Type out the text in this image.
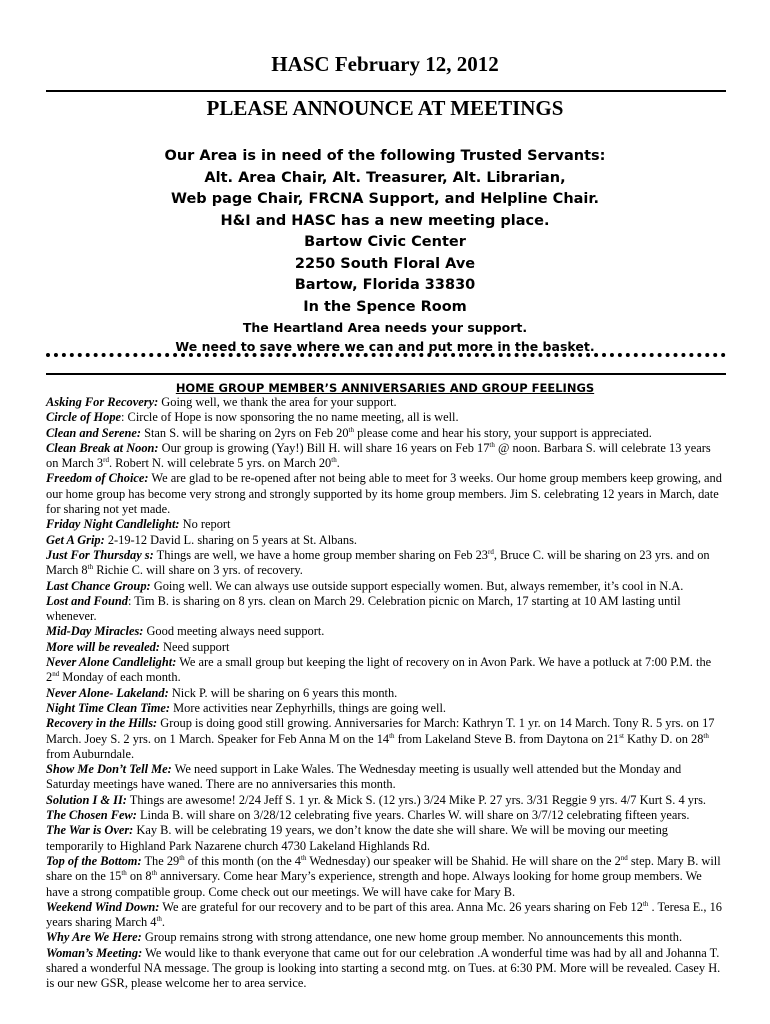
HASC February 12, 2012
PLEASE ANNOUNCE AT MEETINGS
Our Area is in need of the following Trusted Servants:
Alt. Area Chair, Alt. Treasurer, Alt. Librarian,
Web page Chair, FRCNA Support, and Helpline Chair.
H&I and HASC has a new meeting place.
Bartow Civic Center
2250 South Floral Ave
Bartow, Florida 33830
In the Spence Room
The Heartland Area needs your support.
We need to save where we can and put more in the basket.
HOME GROUP MEMBER’S ANNIVERSARIES AND GROUP FEELINGS
Asking For Recovery: Going well, we thank the area for your support.
Circle of Hope: Circle of Hope is now sponsoring the no name meeting, all is well.
Clean and Serene: Stan S. will be sharing on 2yrs on Feb 20th please come and hear his story, your support is appreciated.
Clean Break at Noon: Our group is growing (Yay!) Bill H. will share 16 years on Feb 17th @ noon. Barbara S. will celebrate 13 years on March 3rd. Robert N. will celebrate 5 yrs. on March 20th.
Freedom of Choice: We are glad to be re-opened after not being able to meet for 3 weeks. Our home group members keep growing, and our home group has become very strong and strongly supported by its home group members. Jim S. celebrating 12 years in March, date for sharing not yet made.
Friday Night Candlelight: No report
Get A Grip: 2-19-12 David L. sharing on 5 years at St. Albans.
Just For Thursday s: Things are well, we have a home group member sharing on Feb 23rd, Bruce C. will be sharing on 23 yrs. and on March 8th Richie C. will share on 3 yrs. of recovery.
Last Chance Group: Going well. We can always use outside support especially women. But, always remember, it’s cool in N.A.
Lost and Found: Tim B. is sharing on 8 yrs. clean on March 29. Celebration picnic on March, 17 starting at 10 AM lasting until whenever.
Mid-Day Miracles: Good meeting always need support.
More will be revealed: Need support
Never Alone Candlelight: We are a small group but keeping the light of recovery on in Avon Park. We have a potluck at 7:00 P.M. the 2nd Monday of each month.
Never Alone- Lakeland: Nick P. will be sharing on 6 years this month.
Night Time Clean Time: More activities near Zephyrhills, things are going well.
Recovery in the Hills: Group is doing good still growing. Anniversaries for March: Kathryn T. 1 yr. on 14 March. Tony R. 5 yrs. on 17 March. Joey S. 2 yrs. on 1 March. Speaker for Feb Anna M on the 14th from Lakeland Steve B. from Daytona on 21st Kathy D. on 28th from Auburndale.
Show Me Don’t Tell Me: We need support in Lake Wales. The Wednesday meeting is usually well attended but the Monday and Saturday meetings have waned. There are no anniversaries this month.
Solution I & II: Things are awesome! 2/24 Jeff S. 1 yr. & Mick S. (12 yrs.) 3/24 Mike P. 27 yrs. 3/31 Reggie 9 yrs. 4/7 Kurt S. 4 yrs.
The Chosen Few: Linda B. will share on 3/28/12 celebrating five years. Charles W. will share on 3/7/12 celebrating fifteen years.
The War is Over: Kay B. will be celebrating 19 years, we don’t know the date she will share. We will be moving our meeting temporarily to Highland Park Nazarene church 4730 Lakeland Highlands Rd.
Top of the Bottom: The 29th of this month (on the 4th Wednesday) our speaker will be Shahid. He will share on the 2nd step. Mary B. will share on the 15th on 8th anniversary. Come hear Mary’s experience, strength and hope. Always looking for home group members. We have a strong compatible group. Come check out our meetings. We will have cake for Mary B.
Weekend Wind Down: We are grateful for our recovery and to be part of this area. Anna Mc. 26 years sharing on Feb 12th . Teresa E., 16 years sharing March 4th.
Why Are We Here: Group remains strong with strong attendance, one new home group member. No announcements this month.
Woman’s Meeting: We would like to thank everyone that came out for our celebration .A wonderful time was had by all and Johanna T. shared a wonderful NA message. The group is looking into starting a second mtg. on Tues. at 6:30 PM. More will be revealed. Casey H. is our new GSR, please welcome her to area service.
